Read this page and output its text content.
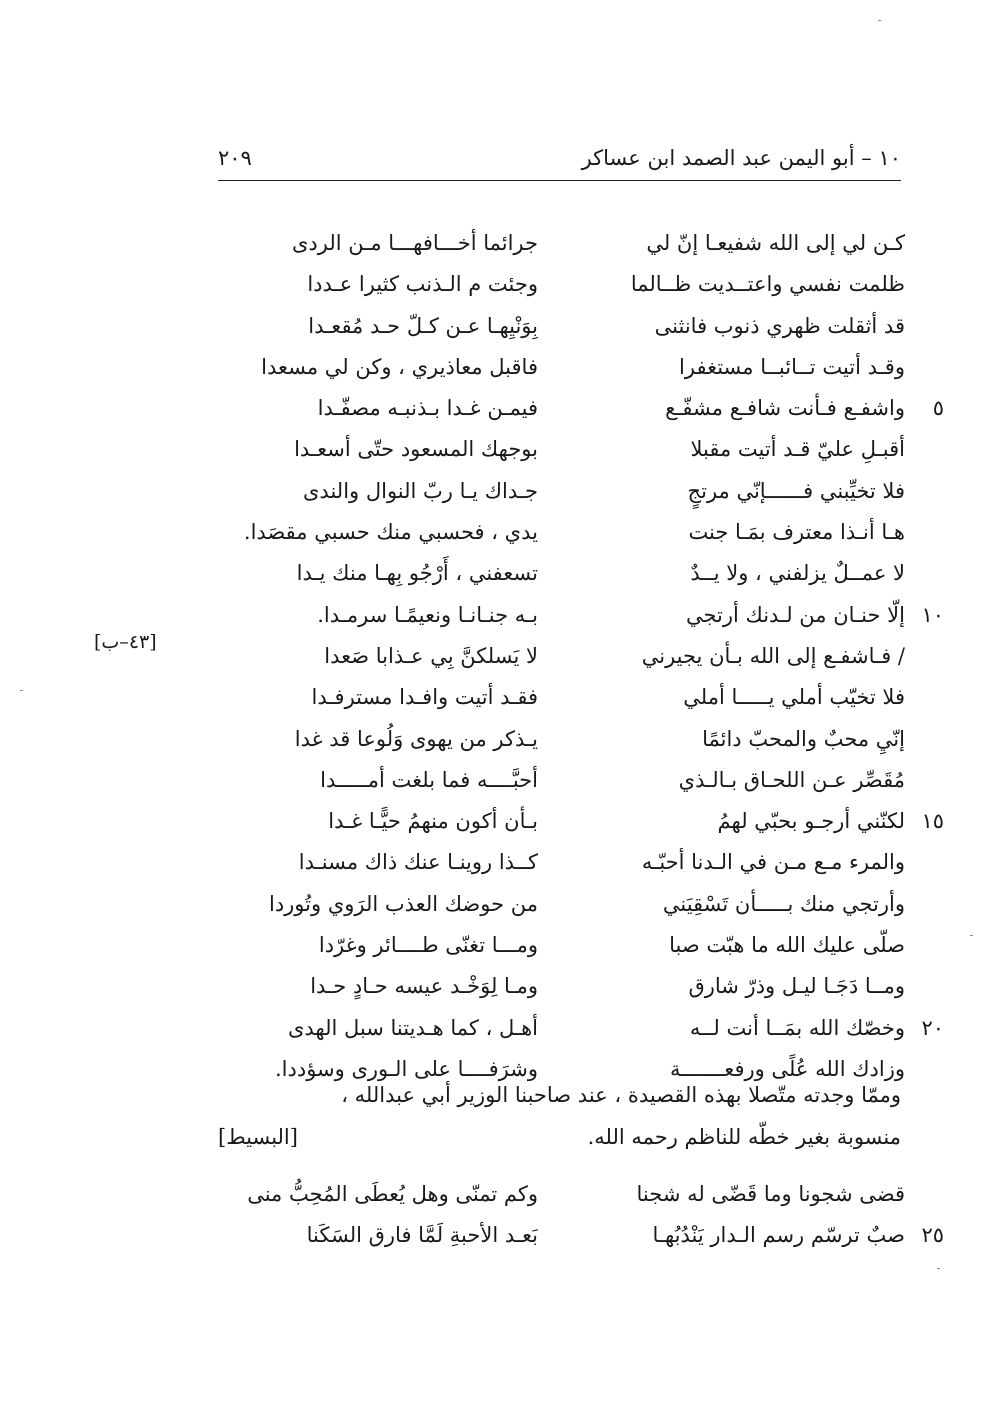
١٠ – أبو اليمن عبد الصمد ابن عساكر
٢٠٩
كـن لي إلى الله شفيعـا إنّ لي
جرائما أخـــافهـــا مـن الردى
ظلمت نفسي واعتــديت ظــالما
وجئت م الـذنب كثيرا عـددا
قد أثقلت ظهري ذنوب فانثنى
بِوَنْيِهـا عـن كـلّ حـد مُقعـدا
وقـد أتيت تــائبــا مستغفرا
فاقبل معاذيري ، وكن لي مسعدا
٥
واشفـع فـأنت شافـع مشفّـع
فيمـن غـدا بـذنبـه مصفّـدا
أقبـلِ عليّ قـد أتيت مقبلا
بوجهك المسعود حتّى أسعـدا
فلا تخيِّبني فــــــإنّي مرتجٍ
جـداك يـا ربّ النوال والندى
هـا أنـذا معترف بمَـا جنت
يدي ، فحسبي منك حسبي مقصَدا.
لا عمــلٌ يزلفني ، ولا يــدٌ
تسعفني ، أَرْجُو بِهـا منك يـدا
١٠
إلّا حنـان من لـدنك أرتجي
بـه جنـانـا ونعيمًـا سرمـدا.
/ فـاشفـع إلى الله بـأن يجيرني
لا يَسلكنَّ بِي عـذابا صَعدا
فلا تخيّب أملي يـــــا أملي
فقـد أتيت وافـدا مسترفـدا
إنّيِ محبٌ والمحبّ دائمًا
يـذكر من يهوى وَلُوعا قد غدا
مُقَصِّر عـن اللحـاق بـالـذي
أحبَّــــه فما بلغت أمـــــدا
١٥
لكنّني أرجـو بحبّي لهمُ
بـأن أكون منهمُ حيًّـا غـدا
والمرء مـع مـن في الـدنا أحبّـه
كــذا روينـا عنك ذاك مسنـدا
وأرتجي منك بـــــأن تَسْقِيَني
من حوضك العذب الرَوي وتُوردا
صلّى عليك الله ما هبّت صبا
ومـــا تغنّى طــــائر وغرّدا
ومــا دَجَـا ليـل وذرّ شارق
ومـا لِوَخْـد عيسه حـادٍ حـدا
٢٠
وخصّك الله بمَــا أنت لــه
أهـل ، كما هـديتنا سبل الهدى
وزادك الله عُلًى ورفعـــــــة
وشرَفــــا على الـورى وسؤددا.
[٤٣–ب]
وممّا وجدته متّصلا بهذه القصيدة ، عند صاحبنا الوزير أبي عبدالله ،
منسوبة بغير خطّه للناظم رحمه الله.
[البسيط]
قضى شجونا وما قَضّى له شجنا
وكم تمنّى وهل يُعطَى المُحِبُّ منى
٢٥
صبٌ ترسّم رسم الـدار يَنْدُبُهـا
بَعـد الأحبةِ لَمَّا فارق السَكَنا
